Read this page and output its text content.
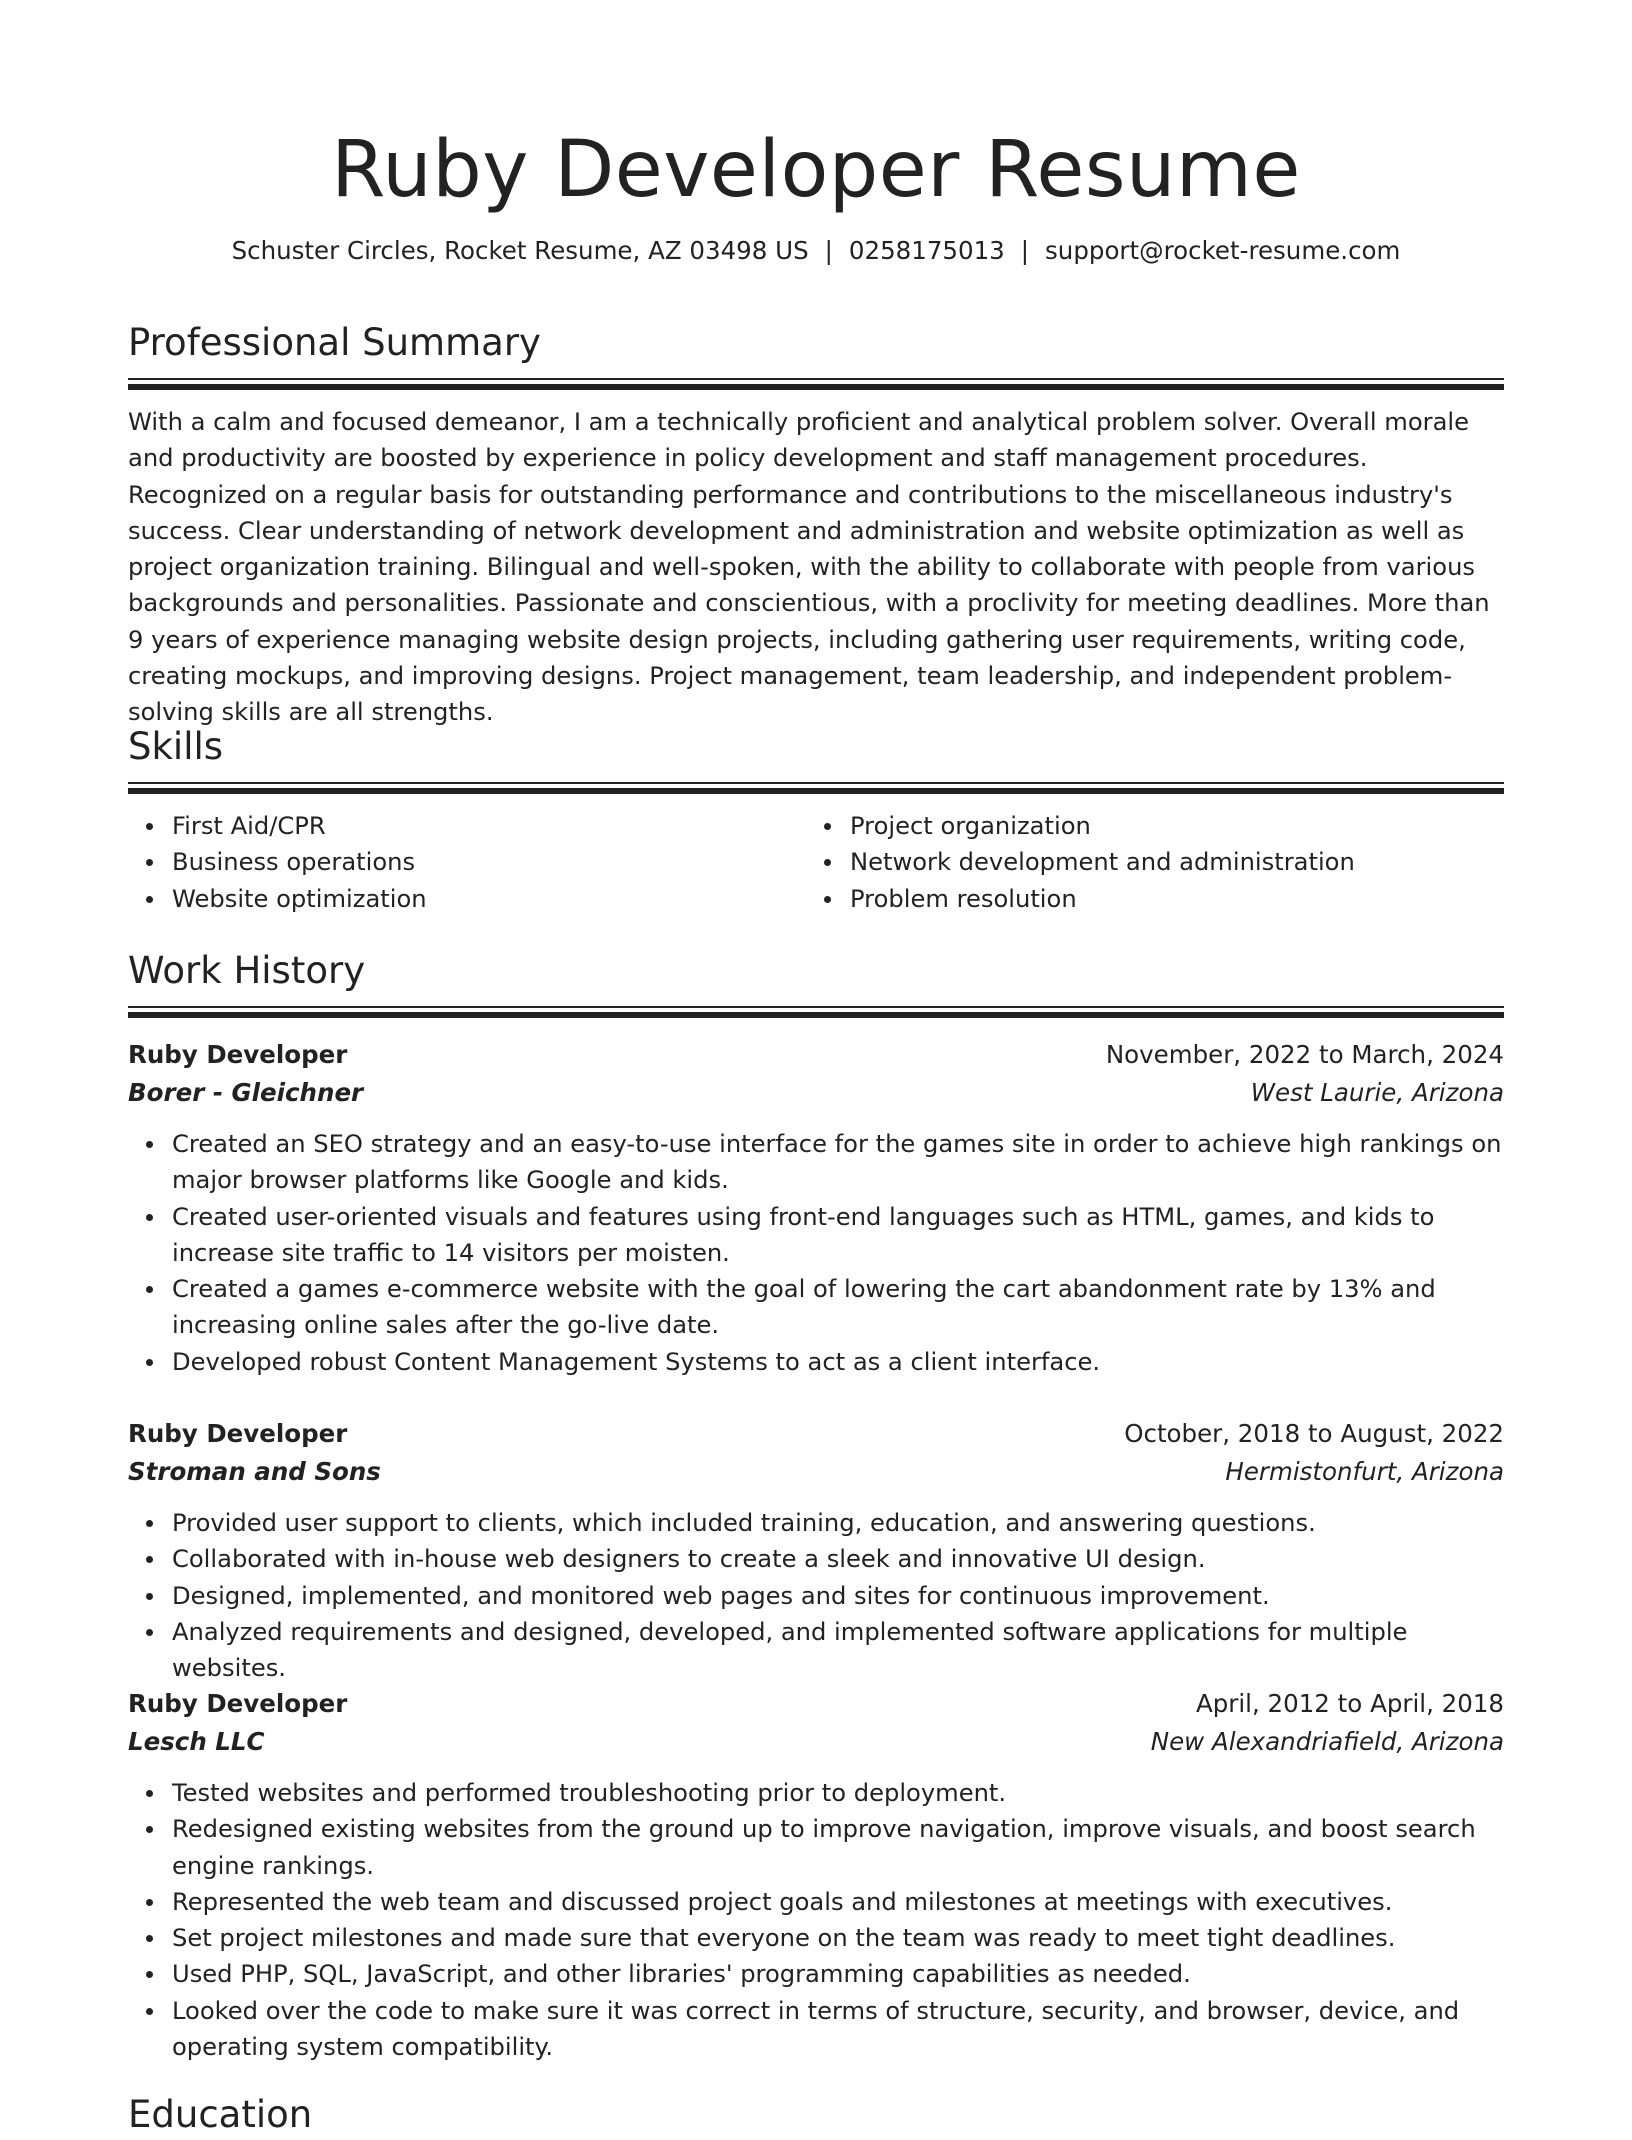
Ruby Developer Resume
Schuster Circles, Rocket Resume, AZ 03498 US | 0258175013 | support@rocket-resume.com
Professional Summary

With a calm and focused demeanor, I am a technically proficient and analytical problem solver. Overall morale and productivity are boosted by experience in policy development and staff management procedures. Recognized on a regular basis for outstanding performance and contributions to the miscellaneous industry's success. Clear understanding of network development and administration and website optimization as well as project organization training. Bilingual and well-spoken, with the ability to collaborate with people from various backgrounds and personalities. Passionate and conscientious, with a proclivity for meeting deadlines. More than 9 years of experience managing website design projects, including gathering user requirements, writing code, creating mockups, and improving designs. Project management, team leadership, and independent problem-solving skills are all strengths.

Skills
First Aid/CPR
Business operations
Website optimization
Project organization
Network development and administration
Problem resolution
Work History
Ruby Developer	November, 2022 to March, 2024
Borer - Gleichner	West Laurie, Arizona
Created an SEO strategy and an easy-to-use interface for the games site in order to achieve high rankings on major browser platforms like Google and kids.
Created user-oriented visuals and features using front-end languages such as HTML, games, and kids to increase site traffic to 14 visitors per moisten.
Created a games e-commerce website with the goal of lowering the cart abandonment rate by 13% and increasing online sales after the go-live date.
Developed robust Content Management Systems to act as a client interface.
Ruby Developer	October, 2018 to August, 2022
Stroman and Sons	Hermistonfurt, Arizona
Provided user support to clients, which included training, education, and answering questions.
Collaborated with in-house web designers to create a sleek and innovative UI design.
Designed, implemented, and monitored web pages and sites for continuous improvement.
Analyzed requirements and designed, developed, and implemented software applications for multiple websites.
Ruby Developer	April, 2012 to April, 2018
Lesch LLC	New Alexandriafield, Arizona
Tested websites and performed troubleshooting prior to deployment.
Redesigned existing websites from the ground up to improve navigation, improve visuals, and boost search engine rankings.
Represented the web team and discussed project goals and milestones at meetings with executives.
Set project milestones and made sure that everyone on the team was ready to meet tight deadlines.
Used PHP, SQL, JavaScript, and other libraries' programming capabilities as needed.
Looked over the code to make sure it was correct in terms of structure, security, and browser, device, and operating system compatibility.
Education
